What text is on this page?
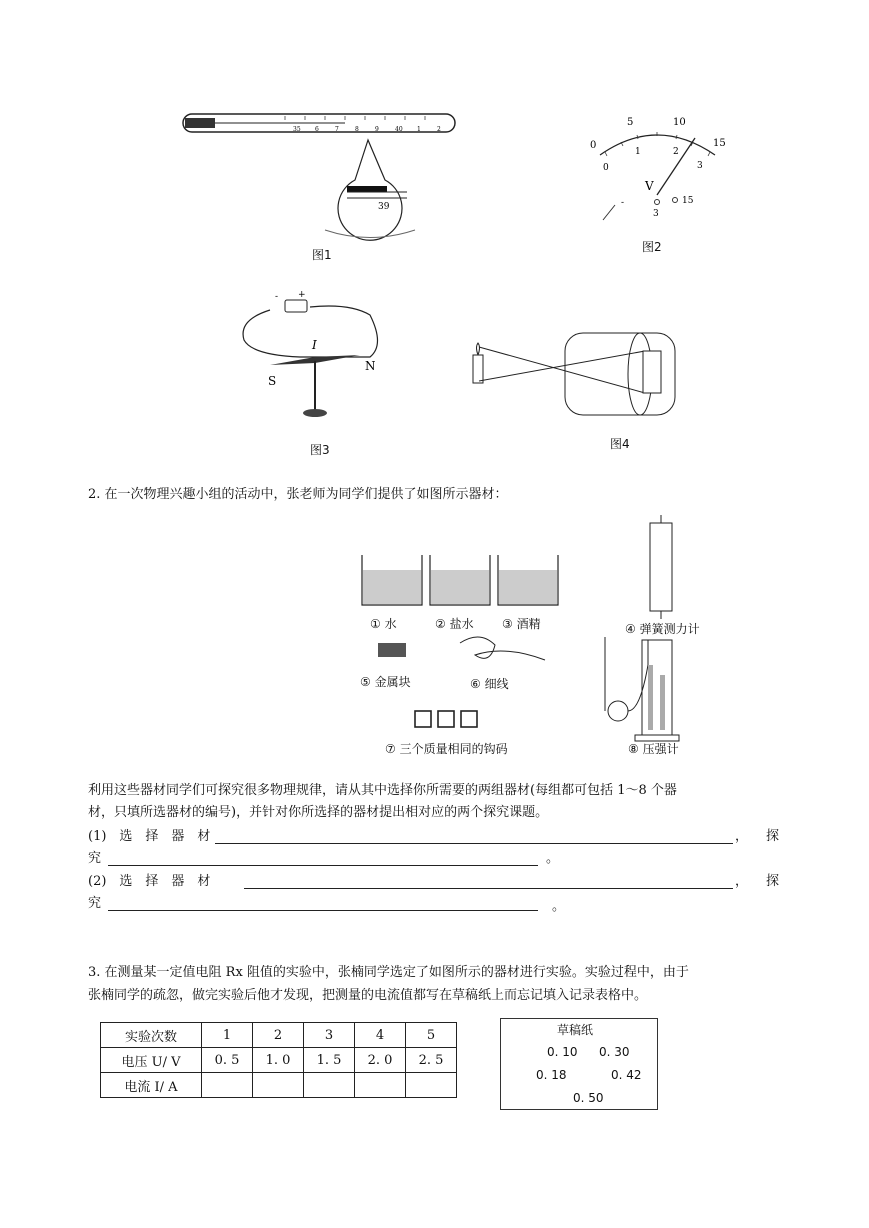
35 6	7	8	9	40 1	2
39
图1
0
5	10
15
0
1	2
3
V
-
3
15
图2
- +
I
S
N
图3	图4
2. 在一次物理兴趣小组的活动中，张老师为同学们提供了如图所示器材：
① 水	② 盐水 ③ 酒精	④ 弹簧测力计
⑤ 金属块	⑥ 细线
⑦ 三个质量相同的钩码	⑧ 压强计
利用这些器材同学们可探究很多物理规律，请从其中选择你所需要的两组器材(每组都可包括 1～8 个器
材，只填所选器材的编号)，并针对你所选择的器材提出相对应的两个探究课题。
(1)　选　择　器　材	， 探
究	。
(2)　选　择　器　材	， 探
究	。
3. 在测量某一定值电阻 Rx 阻值的实验中，张楠同学选定了如图所示的器材进行实验。实验过程中，由于
张楠同学的疏忽，做完实验后他才发现，把测量的电流值都写在草稿纸上而忘记填入记录表格中。
实验次数	1	2	3	4	5
电压 U/ V	0. 5	1. 0	1. 5	2. 0	2. 5
电流 I/ A					
草稿纸
0. 10 0. 30
0. 18	0. 42
0. 50
